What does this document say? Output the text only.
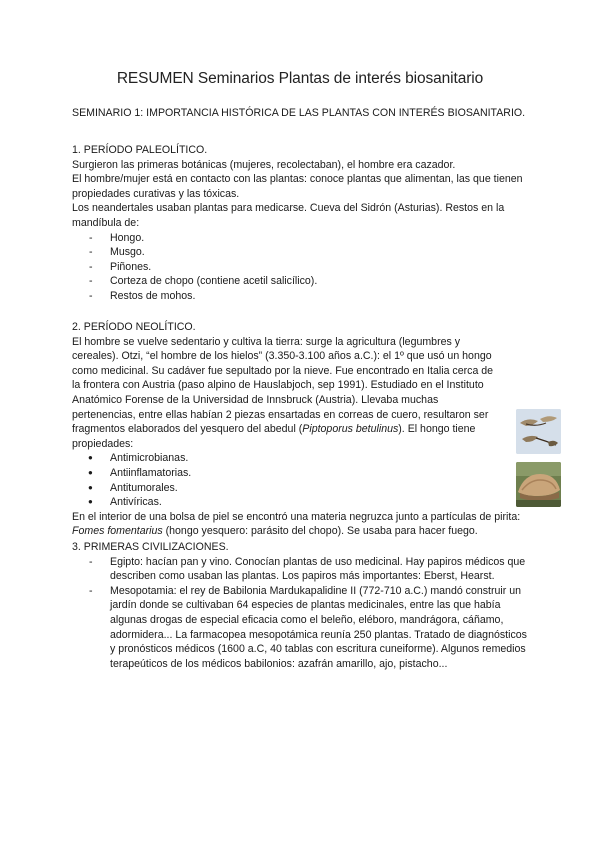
RESUMEN Seminarios Plantas de interés biosanitario

SEMINARIO 1: IMPORTANCIA HISTÓRICA DE LAS PLANTAS CON INTERÉS BIOSANITARIO.

1. PERÍODO PALEOLÍTICO.

Surgieron las primeras botánicas (mujeres, recolectaban), el hombre era cazador.

El hombre/mujer está en contacto con las plantas: conoce plantas que alimentan, las que tienen propiedades curativas y las tóxicas.

Los neandertales usaban plantas para medicarse. Cueva del Sidrón (Asturias). Restos en la mandíbula de:

- Hongo.
- Musgo.
- Piñones.
- Corteza de chopo (contiene acetil salicílico).
- Restos de mohos.

2. PERÍODO NEOLÍTICO.

El hombre se vuelve sedentario y cultiva la tierra: surge la agricultura (legumbres y cereales). Otzi, “el hombre de los hielos” (3.350-3.100 años a.C.): el 1º que usó un hongo como medicinal. Su cadáver fue sepultado por la nieve. Fue encontrado en Italia cerca de la frontera con Austria (paso alpino de Hauslabjoch, sep 1991). Estudiado en el Instituto Anatómico Forense de la Universidad de Innsbruck (Austria). Llevaba muchas pertenencias, entre ellas habían 2 piezas ensartadas en correas de cuero, resultaron ser fragmentos elaborados del yesquero del abedul (Piptoporus betulinus). El hongo tiene propiedades:

● Antimicrobianas.
● Antiinflamatorias.
● Antitumorales.
● Antivíricas.

En el interior de una bolsa de piel se encontró una materia negruzca junto a partículas de pirita: Fomes fomentarius (hongo yesquero: parásito del chopo). Se usaba para hacer fuego.

3. PRIMERAS CIVILIZACIONES.

- Egipto: hacían pan y vino. Conocían plantas de uso medicinal. Hay papiros médicos que describen como usaban las plantas. Los papiros más importantes: Eberst, Hearst.
- Mesopotamia: el rey de Babilonia Mardukapalidine II (772-710 a.C.) mandó construir un jardín donde se cultivaban 64 especies de plantas medicinales, entre las que había algunas drogas de especial eficacia como el beleño, eléboro, mandrágora, cáñamo, adormidera... La farmacopea mesopotámica reunía 250 plantas. Tratado de diagnósticos y pronósticos médicos (1600 a.C, 40 tablas con escritura cuneiforme). Algunos remedios terapeúticos de los médicos babilonios: azafrán amarillo, ajo, pistacho...
